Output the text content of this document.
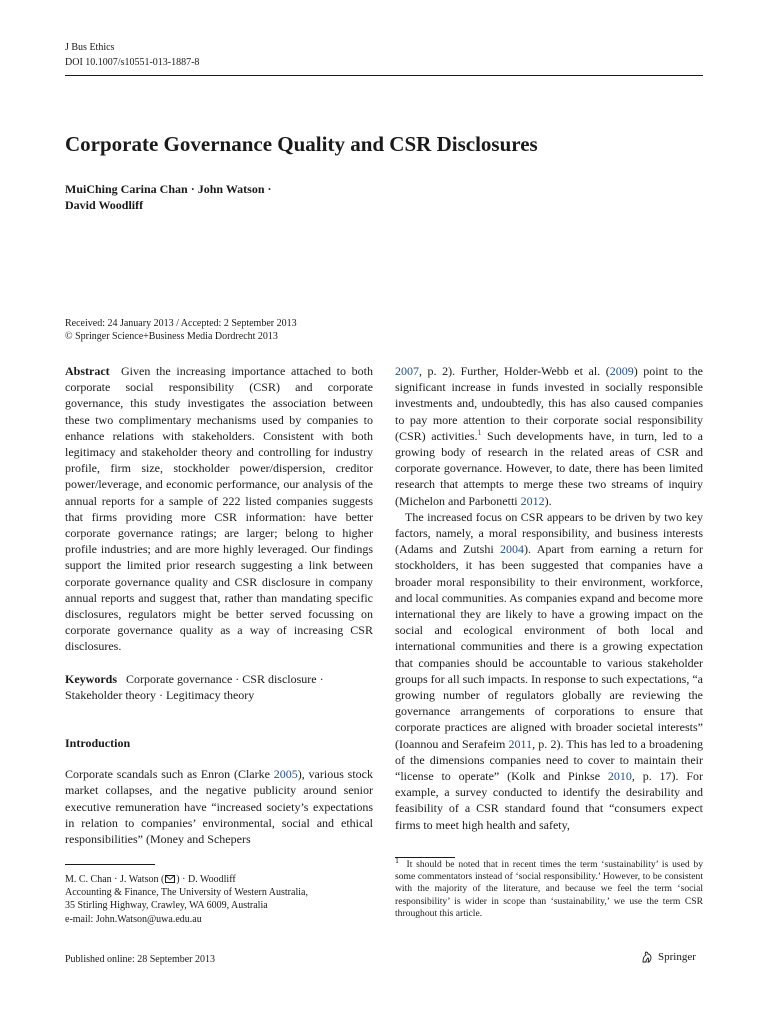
J Bus Ethics
DOI 10.1007/s10551-013-1887-8
Corporate Governance Quality and CSR Disclosures
MuiChing Carina Chan · John Watson ·
David Woodliff
Received: 24 January 2013 / Accepted: 2 September 2013
© Springer Science+Business Media Dordrecht 2013

Abstract Given the increasing importance attached to both corporate social responsibility (CSR) and corporate governance, this study investigates the association between these two complimentary mechanisms used by companies to enhance relations with stakeholders. Consistent with both legitimacy and stakeholder theory and controlling for industry profile, firm size, stockholder power/dispersion, creditor power/leverage, and economic performance, our analysis of the annual reports for a sample of 222 listed companies suggests that firms providing more CSR information: have better corporate governance ratings; are larger; belong to higher profile industries; and are more highly leveraged. Our findings support the limited prior research suggesting a link between corporate governance quality and CSR disclosure in company annual reports and suggest that, rather than mandating specific disclosures, regulators might be better served focussing on corporate governance quality as a way of increasing CSR disclosures.

Keywords Corporate governance · CSR disclosure · Stakeholder theory · Legitimacy theory

Introduction

Corporate scandals such as Enron (Clarke 2005), various stock market collapses, and the negative publicity around senior executive remuneration have “increased society’s expectations in relation to companies’ environmental, social and ethical responsibilities” (Money and Schepers

2007, p. 2). Further, Holder-Webb et al. (2009) point to the significant increase in funds invested in socially responsible investments and, undoubtedly, this has also caused companies to pay more attention to their corporate social responsibility (CSR) activities.$^1$ Such developments have, in turn, led to a growing body of research in the related areas of CSR and corporate governance. However, to date, there has been limited research that attempts to merge these two streams of inquiry (Michelon and Parbonetti 2012).

The increased focus on CSR appears to be driven by two key factors, namely, a moral responsibility, and business interests (Adams and Zutshi 2004). Apart from earning a return for stockholders, it has been suggested that companies have a broader moral responsibility to their environment, workforce, and local communities. As companies expand and become more international they are likely to have a growing impact on the social and ecological environment of both local and international communities and there is a growing expectation that companies should be accountable to various stakeholder groups for all such impacts. In response to such expectations, “a growing number of regulators globally are reviewing the governance arrangements of corporations to ensure that corporate practices are aligned with broader societal interests” (Ioannou and Serafeim 2011, p. 2). This has led to a broadening of the dimensions companies need to cover to maintain their “license to operate” (Kolk and Pinkse 2010, p. 17). For example, a survey conducted to identify the desirability and feasibility of a CSR standard found that “consumers expect firms to meet high health and safety,

M. C. Chan · J. Watson ( ) · D. Woodliff
Accounting & Finance, The University of Western Australia,
35 Stirling Highway, Crawley, WA 6009, Australia
e-mail: John.Watson@uwa.edu.au
$^1$ It should be noted that in recent times the term ‘sustainability’ is used by some commentators instead of ‘social responsibility.’ However, to be consistent with the majority of the literature, and because we feel the term ‘social responsibility’ is wider in scope than ‘sustainability,’ we use the term CSR throughout this article.
Published online: 28 September 2013	Springer
